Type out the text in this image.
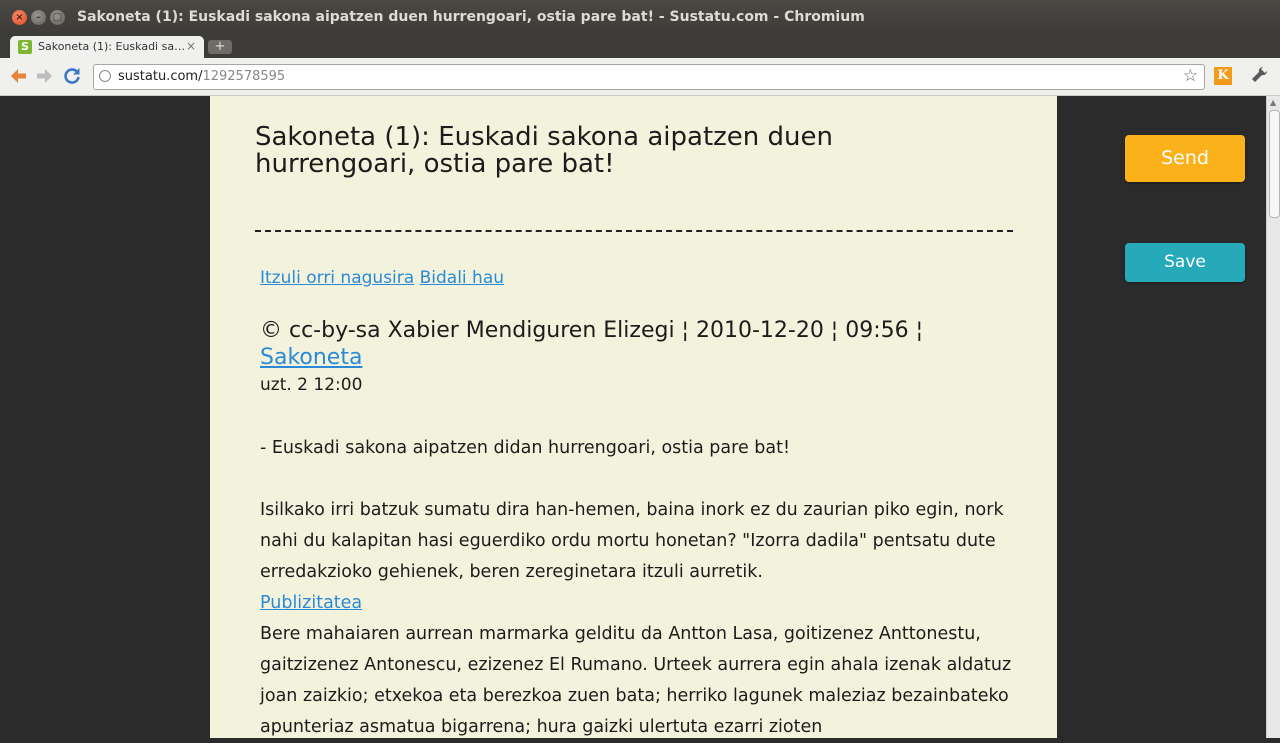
×	–	□ Sakoneta (1): Euskadi sakona aipatzen duen hurrengoari, ostia pare bat! - Sustatu.com - Chromium
S Sakoneta (1): Euskadi sa… ×	+
sustatu.com/1292578595	☆ K
Sakoneta (1): Euskadi sakona aipatzen duen hurrengoari, ostia pare bat!
Itzuli orri nagusira Bidali hau
© cc-by-sa Xabier Mendiguren Elizegi ¦ 2010-12-20 ¦ 09:56 ¦ Sakoneta
uzt. 2 12:00

- Euskadi sakona aipatzen didan hurrengoari, ostia pare bat!

Isilkako irri batzuk sumatu dira han-hemen, baina inork ez du zaurian piko egin, nork nahi du kalapitan hasi eguerdiko ordu mortu honetan? "Izorra dadila" pentsatu dute erredakzioko gehienek, beren zereginetara itzuli aurretik.

Publizitatea

Bere mahaiaren aurrean marmarka gelditu da Antton Lasa, goitizenez Anttonestu, gaitzizenez Antonescu, ezizenez El Rumano. Urteek aurrera egin ahala izenak aldatuz joan zaizkio; etxekoa eta berezkoa zuen bata; herriko lagunek maleziaz bezainbateko apunteriaz asmatua bigarrena; hura gaizki ulertuta ezarri zioten

Send
Save
▲
